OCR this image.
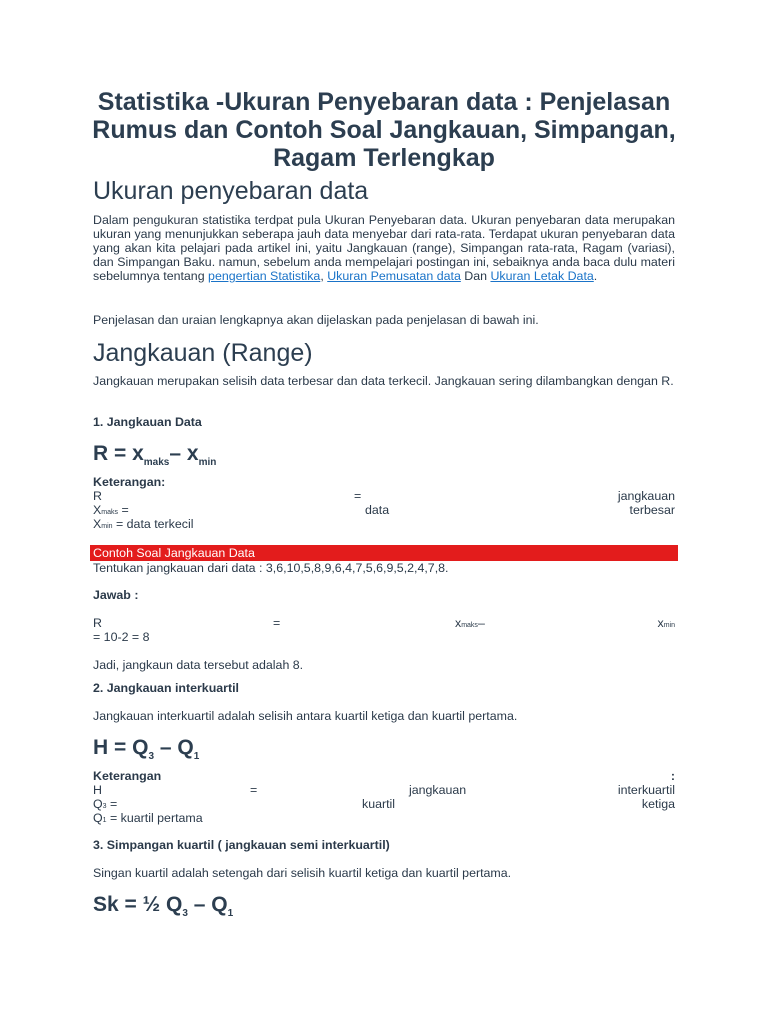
Statistika -Ukuran Penyebaran data : Penjelasan Rumus dan Contoh Soal Jangkauan, Simpangan, Ragam Terlengkap
Ukuran penyebaran data

Dalam pengukuran statistika terdpat pula Ukuran Penyebaran data. Ukuran penyebaran data merupakan ukuran yang menunjukkan seberapa jauh data menyebar dari rata-rata. Terdapat ukuran penyebaran data yang akan kita pelajari pada artikel ini, yaitu Jangkauan (range), Simpangan rata-rata, Ragam (variasi), dan Simpangan Baku. namun, sebelum anda mempelajari postingan ini, sebaiknya anda baca dulu materi sebelumnya tentang pengertian Statistika, Ukuran Pemusatan data Dan Ukuran Letak Data.

Penjelasan dan uraian lengkapnya akan dijelaskan pada penjelasan di bawah ini.

Jangkauan (Range)

Jangkauan merupakan selisih data terbesar dan data terkecil. Jangkauan sering dilambangkan dengan R.

1. Jangkauan Data

$R = x_{maks}-$ $x_{min}$

Keterangan:

R	=	jangkauan
Xmaks =	data	terbesar
Xmin = data terkecil
Contoh Soal Jangkauan Data

Tentukan jangkauan dari data : 3,6,10,5,8,9,6,4,7,5,6,9,5,2,4,7,8.

Jawab :

R	=	xmaks–	xmin

= 10-2 = 8

Jadi, jangkaun data tersebut adalah 8.

2. Jangkauan interkuartil

Jangkauan interkuartil adalah selisih antara kuartil ketiga dan kuartil pertama.

$H = Q_3 - Q_1$

Keterangan	:
H	=	jangkauan	interkuartil
Q3 =	kuartil	ketiga
Q1 = kuartil pertama

3. Simpangan kuartil ( jangkauan semi interkuartil)

Singan kuartil adalah setengah dari selisih kuartil ketiga dan kuartil pertama.

Sk = ½ $Q_3 - Q_1$
